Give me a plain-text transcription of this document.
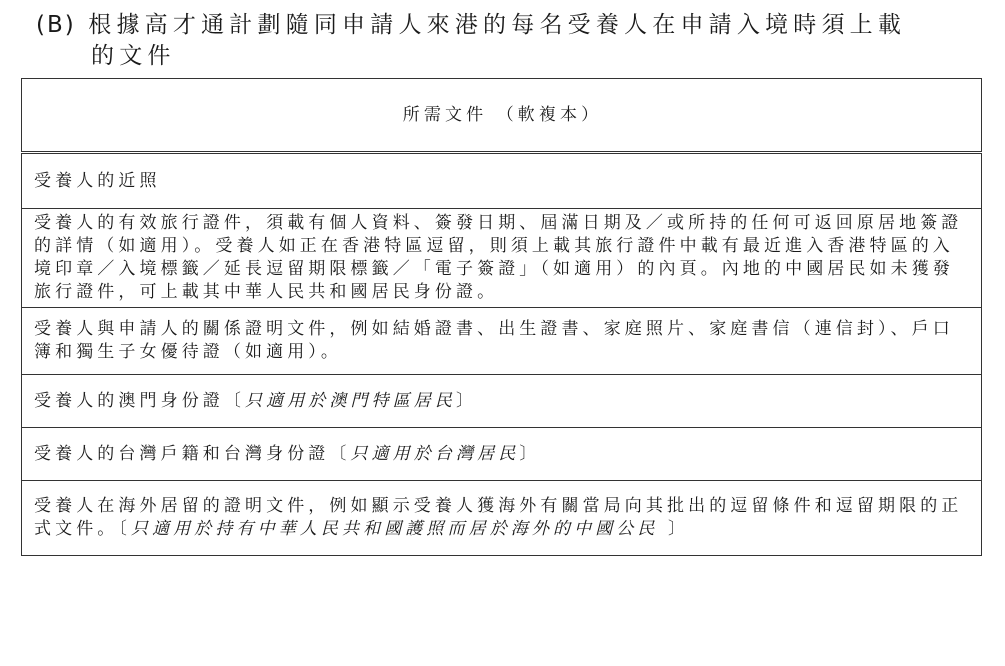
(B) 根據高才通計劃隨同申請人來港的每名受養人在申請入境時須上載
的文件
所需文件 （軟複本）
受養人的近照
受養人的有效旅行證件，須載有個人資料、簽發日期、屆滿日期及／或所持的任何可返回原居地簽證的詳情（如適用）。受養人如正在香港特區逗留，則須上載其旅行證件中載有最近進入香港特區的入境印章／入境標籤／延長逗留期限標籤／「電子簽證」（如適用）的內頁。內地的中國居民如未獲發旅行證件，可上載其中華人民共和國居民身份證。
受養人與申請人的關係證明文件，例如結婚證書、出生證書、家庭照片、家庭書信（連信封）、戶口簿和獨生子女優待證（如適用）。
受養人的澳門身份證〔只適用於澳門特區居民〕
受養人的台灣戶籍和台灣身份證〔只適用於台灣居民〕
受養人在海外居留的證明文件，例如顯示受養人獲海外有關當局向其批出的逗留條件和逗留期限的正式文件。〔只適用於持有中華人民共和國護照而居於海外的中國公民 〕
